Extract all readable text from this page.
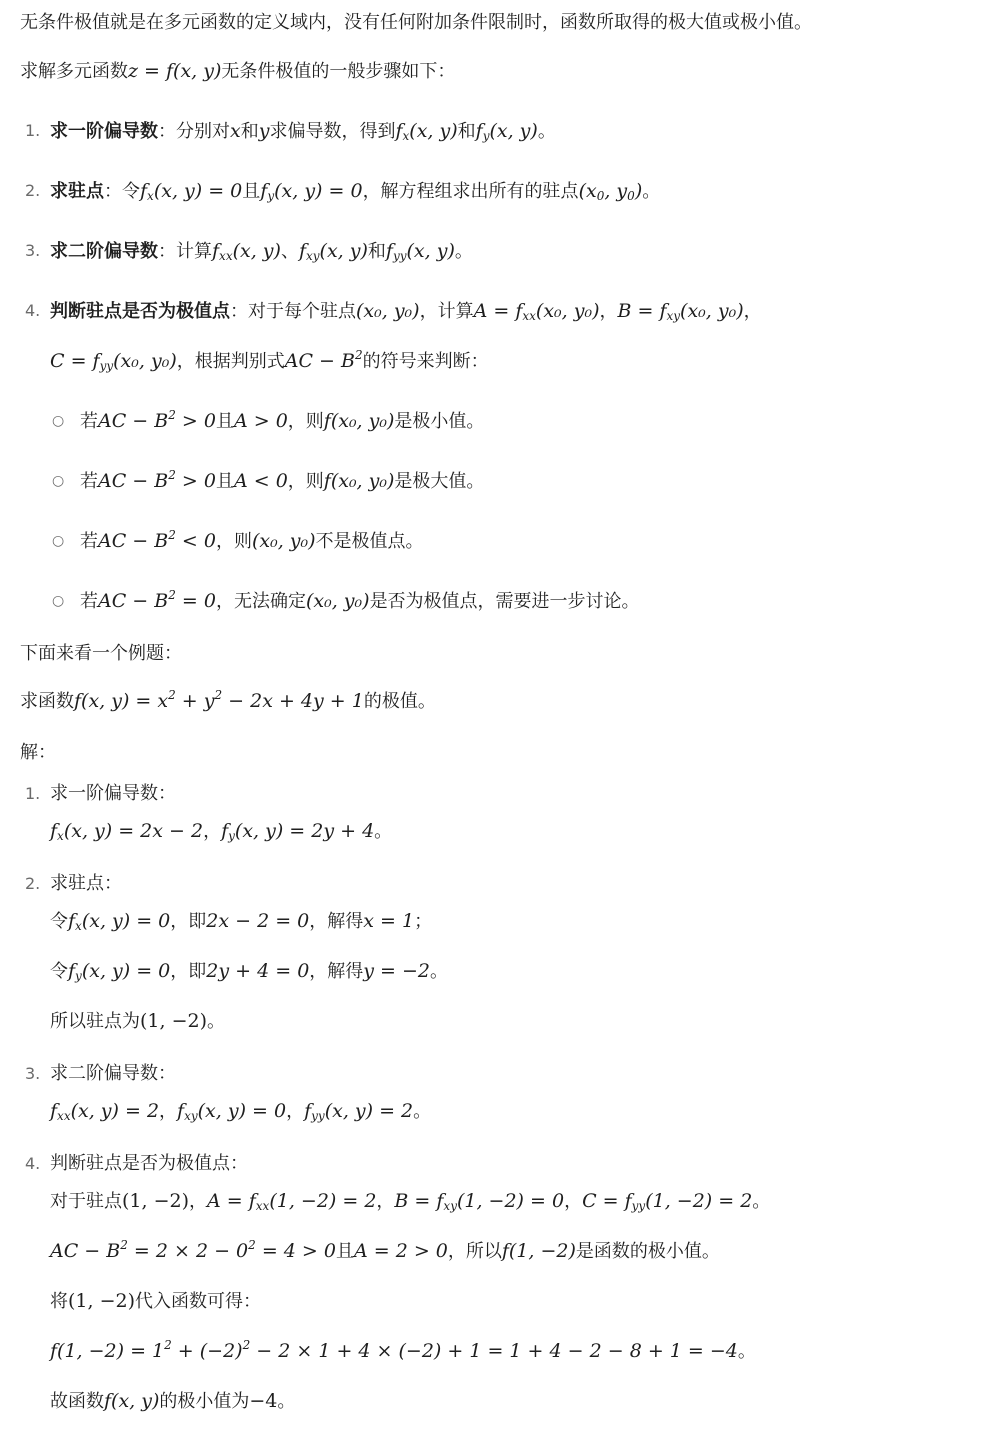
无条件极值就是在多元函数的定义域内，没有任何附加条件限制时，函数所取得的极大值或极小值。

求解多元函数z = f(x, y)无条件极值的一般步骤如下：

1. 求一阶偏导数：分别对x和y求偏导数，得到$f_x(x$, y)和$f_y(x$, y)。

2. 求驻点：令$f_x(x$, y) = 0且$f_y(x$, y) = 0，解方程组求出所有的驻点($x_0$, $y_0$)。

3. 求二阶偏导数：计算$f_{xx}(x$, y)、$f_{xy}(x$, y)和$f_{yy}(x$, y)。

4. 判断驻点是否为极值点：对于每个驻点(x₀, y₀)，计算$A = f_{xx}(x_0$, y₀)，$B = f_{xy}(x_0$, y₀)，

$C = f_{yy}(x_0$, y₀)，根据判别式AC − $B^2$的符号来判断：

○ 若AC − $B^2 > 0$且A > 0，则f(x₀, y₀)是极小值。

○ 若AC − $B^2 > 0$且A < 0，则f(x₀, y₀)是极大值。

○ 若AC − $B^2 < 0$，则(x₀, y₀)不是极值点。

○ 若AC − $B^2 = 0$，无法确定(x₀, y₀)是否为极值点，需要进一步讨论。

下面来看一个例题：

求函数f(x, $y) = x^2 + y^2 - 2x + 4y + 1$的极值。

解：

1. 求一阶偏导数：

$f_x(x$, y) = 2x − 2，$f_y(x$, y) = 2y + 4。

2. 求驻点：

令$f_x(x$, y) = 0，即2x − 2 = 0，解得x = 1；

令$f_y(x$, y) = 0，即2y + 4 = 0，解得y = −2。

所以驻点为(1, −2)。

3. 求二阶偏导数：

$f_{xx}(x$, y) = 2，$f_{xy}(x$, y) = 0，$f_{yy}(x$, y) = 2。

4. 判断驻点是否为极值点：

对于驻点(1, −2)，$A = f_{xx}(1$, −2) = 2，$B = f_{xy}(1$, −2) = 0，$C = f_{yy}(1$, −2) = 2。

AC − $B^2 = 2 \times 2 - 0^2 = 4 > 0$且A = 2 > 0，所以f(1, −2)是函数的极小值。

将(1, −2)代入函数可得：

f(1, $-2) = 1^2 + (-2)^2 - 2 \times 1 + 4 \times (-2) + 1 = 1 + 4 - 2 - 8 + 1 = -4$。

故函数f(x, y)的极小值为−4。
